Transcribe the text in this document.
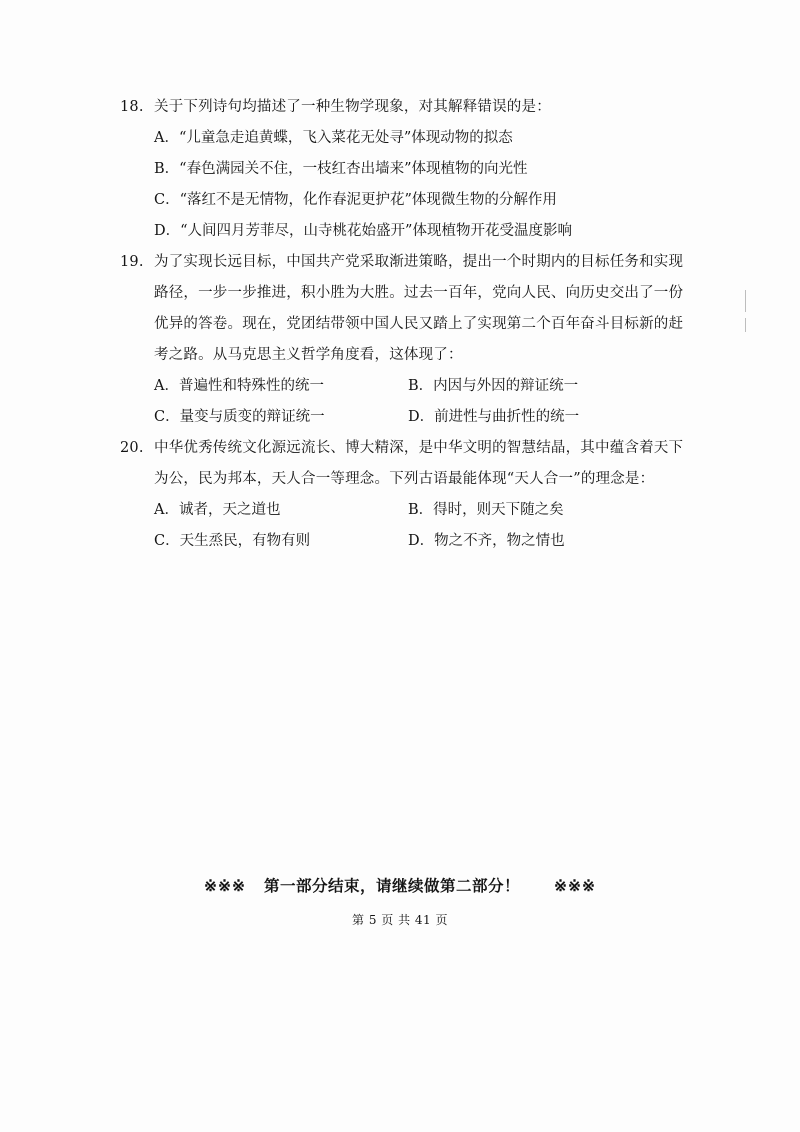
18. 关于下列诗句均描述了一种生物学现象，对其解释错误的是：
A．“儿童急走追黄蝶，飞入菜花无处寻”体现动物的拟态
B．“春色满园关不住，一枝红杏出墙来”体现植物的向光性
C．“落红不是无情物，化作春泥更护花”体现微生物的分解作用
D．“人间四月芳菲尽，山寺桃花始盛开”体现植物开花受温度影响
19. 为了实现长远目标，中国共产党采取渐进策略，提出一个时期内的目标任务和实现路径，一步一步推进，积小胜为大胜。过去一百年，党向人民、向历史交出了一份优异的答卷。现在，党团结带领中国人民又踏上了实现第二个百年奋斗目标新的赶考之路。从马克思主义哲学角度看，这体现了：
A．普遍性和特殊性的统一	B．内因与外因的辩证统一
C．量变与质变的辩证统一	D．前进性与曲折性的统一
20. 中华优秀传统文化源远流长、博大精深，是中华文明的智慧结晶，其中蕴含着天下为公，民为邦本，天人合一等理念。下列古语最能体现“天人合一”的理念是：
A．诚者，天之道也	B．得时，则天下随之矣
C．天生烝民，有物有则	D．物之不齐，物之情也
※※※ 第一部分结束，请继续做第二部分！ ※※※
第 5 页 共 41 页
